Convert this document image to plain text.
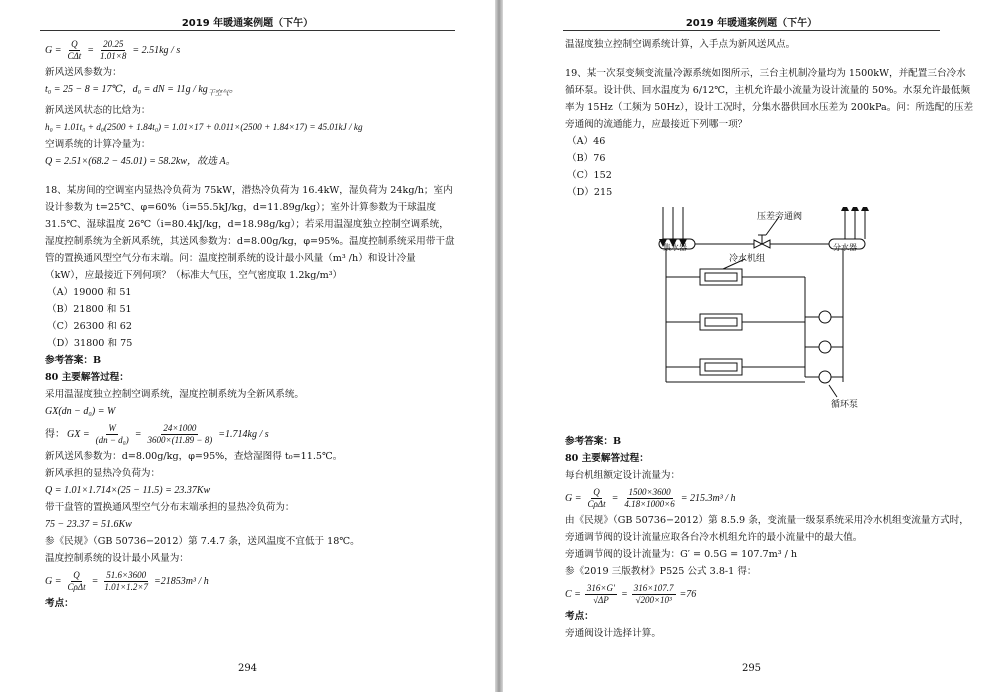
2019 年暖通案例题（下午）
$G = \frac{Q}{\text{CΔt}} = \frac{20.25}{1.01\times 8} = 2.51kg / s$
新风送风参数为：
t₀ = 25 − 8 = 17℃，d₀ = dN = $11g / kg_{干空气}$。
新风送风状态的比焓为：
h₀ = 1.01t₀ + d₀(2500 + 1.84t₀) = 1.01×17 + 0.011×(2500 + 1.84×17) = 45.01kJ / kg
空调系统的计算冷量为：
Q = 2.51×(68.2 − 45.01) = 58.2kw，故选 A。
18、某房间的空调室内显热冷负荷为 75kW，潜热冷负荷为 16.4kW，湿负荷为 24kg/h；室内设计参数为 t=25℃、φ=60%（i=55.5kJ/kg，d=11.89g/kg）；室外计算参数为干球温度 31.5℃、湿球温度 26℃（i=80.4kJ/kg，d=18.98g/kg）；若采用温湿度独立控制空调系统，湿度控制系统为全新风系统，其送风参数为：d=8.00g/kg，φ=95%。温度控制系统采用带干盘管的置换通风型空气分布末端。问：温度控制系统的设计最小风量（m³ /h）和设计冷量（kW），应最接近下列何项？（标准大气压，空气密度取 1.2kg/m³）
（A）19000 和 51
（B）21800 和 51
（C）26300 和 62
（D）31800 和 75
参考答案：B
80 主要解答过程：
采用温湿度独立控制空调系统，湿度控制系统为全新风系统。
GX(dn − d₀) = W
得： GX = $\frac{W}{\text{(dn − d₀)}} = \frac{24\times 1000}{3600\times(11.89 - 8)} =1.714kg / s$
新风送风参数为：d=8.00g/kg，φ=95%，查焓湿图得 t₀=11.5℃。
新风承担的显热冷负荷为：
Q = 1.01×1.714×(25 − 11.5) = 23.37Kw
带干盘管的置换通风型空气分布末端承担的显热冷负荷为：
75 − 23.37 = 51.6Kw
参《民规》（GB 50736−2012）第 7.4.7 条，送风温度不宜低于 18℃。
温度控制系统的设计最小风量为：
$G = \frac{Q}{\text{CρΔt}} = \frac{51.6\times 3600}{1.01\times 1.2\times 7} =21853m^3 / h$
考点：
294
2019 年暖通案例题（下午）
温湿度独立控制空调系统计算，入手点为新风送风点。
19、某一次泵变频变流量冷源系统如图所示，三台主机制冷量均为 1500kW，并配置三台冷水循环泵。设计供、回水温度为 6/12℃，主机允许最小流量为设计流量的 50%。水泵允许最低频率为 15Hz（工频为 50Hz），设计工况时，分集水器供回水压差为 200kPa。问：所选配的压差旁通阀的流通能力，应最接近下列哪一项？
（A）46
（B）76
（C）152
（D）215
压差旁通阀
集水器	分水器
冷水机组
循环泵
参考答案：B
80 主要解答过程：
每台机组额定设计流量为：
$G = \frac{Q}{\text{CρΔt}} = \frac{1500\times 3600}{4.18\times 1000\times 6} = 215.3m^3 / h$
由《民规》（GB 50736−2012）第 8.5.9 条，变流量一级泵系统采用冷水机组变流量方式时，旁通调节阀的设计流量应取各台冷水机组允许的最小流量中的最大值。
旁通调节阀的设计流量为：G′ = 0.5G = 107.7m³ / h
参《2019 三版教材》P525 公式 3.8-1 得：
$C = \frac{316\times G'}{√\Delta P} = \frac{316\times 107.7}{\text{√200×10³}} =76$
考点：
旁通阀设计选择计算。
295
